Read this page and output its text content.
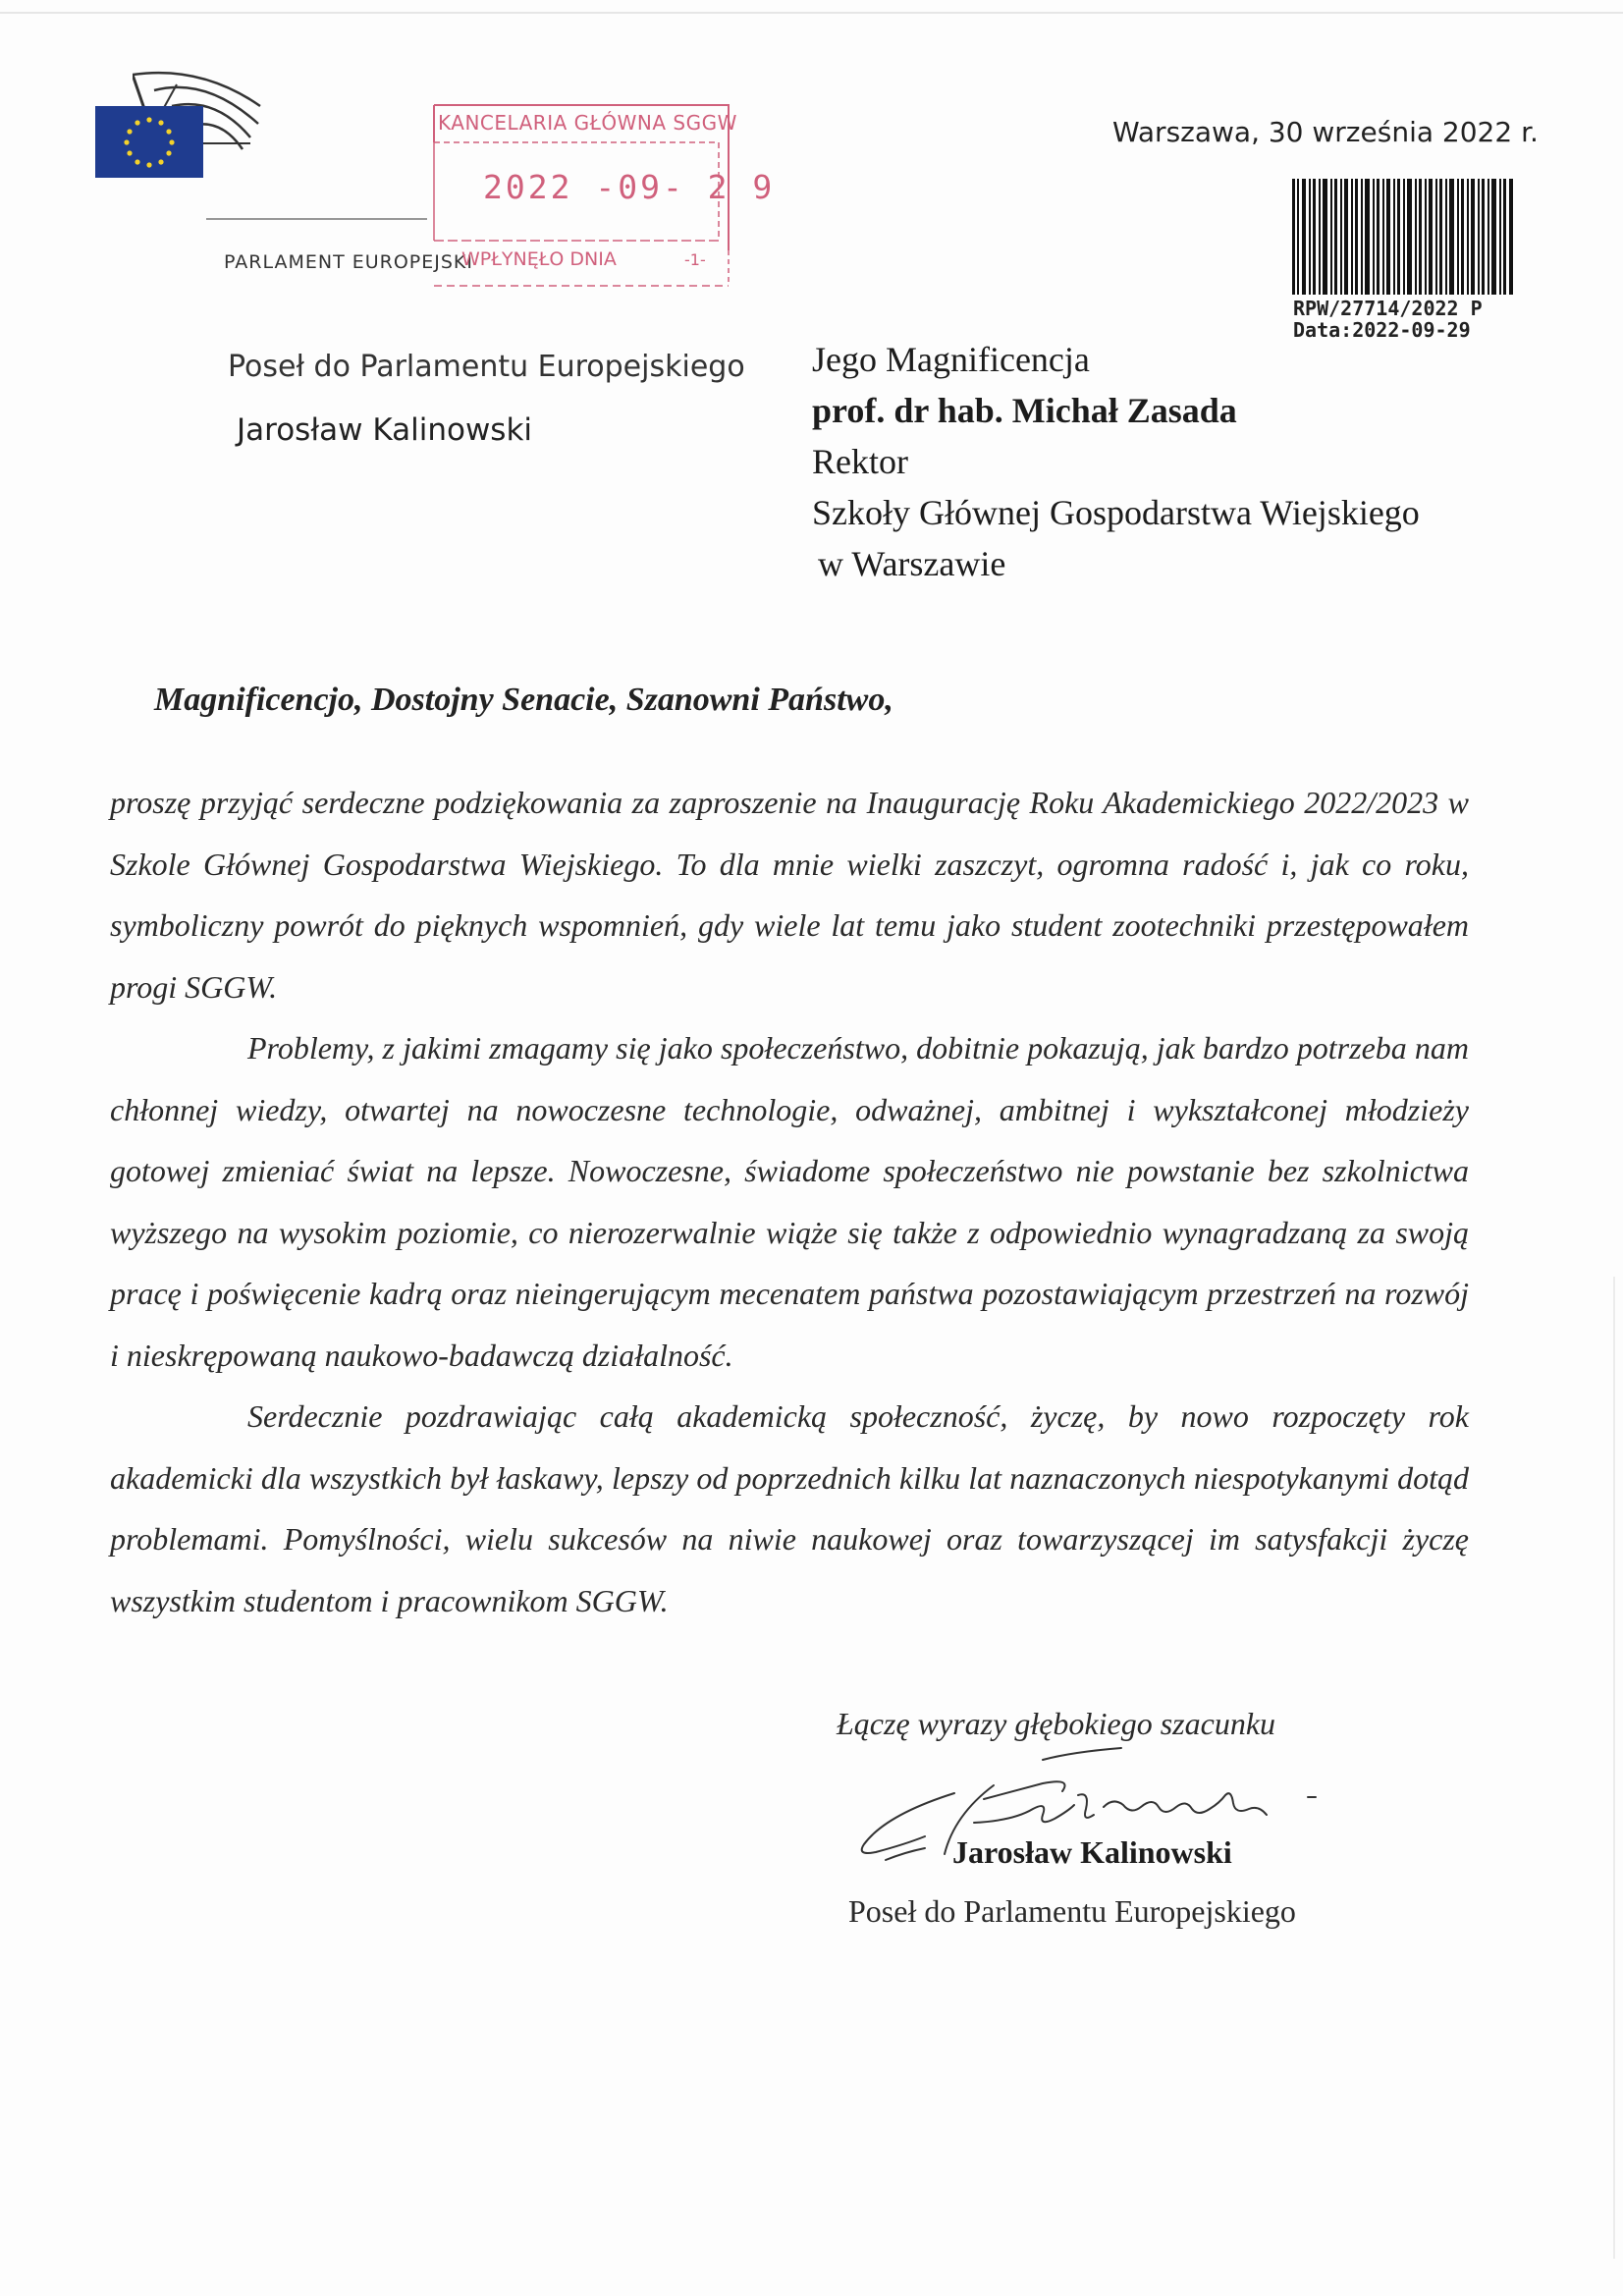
PARLAMENT EUROPEJSKI
KANCELARIA GŁÓWNA SGGW
2022 -09- 2 9
WPŁYNĘŁO DNIA	-1-
Warszawa, 30 września 2022 r.
RPW/27714/2022 P
Data:2022-09-29
Poseł do Parlamentu Europejskiego
Jarosław Kalinowski
Jego Magnificencja
prof. dr hab. Michał Zasada
Rektor
Szkoły Głównej Gospodarstwa Wiejskiego
w Warszawie
Magnificencjo, Dostojny Senacie, Szanowni Państwo,

proszę przyjąć serdeczne podziękowania za zaproszenie na Inaugurację Roku Akademickiego 2022/2023 w Szkole Głównej Gospodarstwa Wiejskiego. To dla mnie wielki zaszczyt, ogromna radość i, jak co roku, symboliczny powrót do pięknych wspomnień, gdy wiele lat temu jako student zootechniki przestępowałem progi SGGW.

Problemy, z jakimi zmagamy się jako społeczeństwo, dobitnie pokazują, jak bardzo potrzeba nam chłonnej wiedzy, otwartej na nowoczesne technologie, odważnej, ambitnej i wykształconej młodzieży gotowej zmieniać świat na lepsze. Nowoczesne, świadome społeczeństwo nie powstanie bez szkolnictwa wyższego na wysokim poziomie, co nierozerwalnie wiąże się także z odpowiednio wynagradzaną za swoją pracę i poświęcenie kadrą oraz nieingerującym mecenatem państwa pozostawiającym przestrzeń na rozwój i nieskrępowaną naukowo-badawczą działalność.

Serdecznie pozdrawiając całą akademicką społeczność, życzę, by nowo rozpoczęty rok akademicki dla wszystkich był łaskawy, lepszy od poprzednich kilku lat naznaczonych niespotykanymi dotąd problemami. Pomyślności, wielu sukcesów na niwie naukowej oraz towarzyszącej im satysfakcji życzę wszystkim studentom i pracownikom SGGW.

Łączę wyrazy głębokiego szacunku
Jarosław Kalinowski
Poseł do Parlamentu Europejskiego
